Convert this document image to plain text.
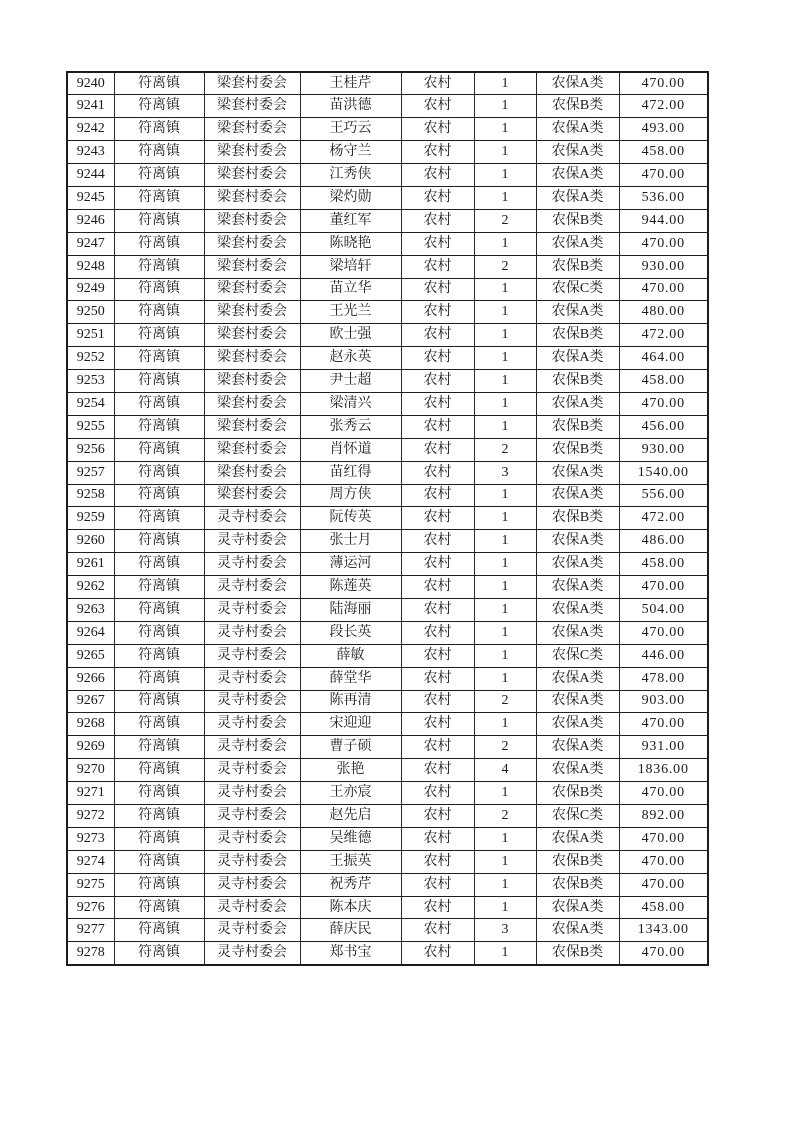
9240	符离镇	梁套村委会	王桂芹	农村	1	农保A类	470.00
9241	符离镇	梁套村委会	苗洪德	农村	1	农保B类	472.00
9242	符离镇	梁套村委会	王巧云	农村	1	农保A类	493.00
9243	符离镇	梁套村委会	杨守兰	农村	1	农保A类	458.00
9244	符离镇	梁套村委会	江秀侠	农村	1	农保A类	470.00
9245	符离镇	梁套村委会	梁灼勋	农村	1	农保A类	536.00
9246	符离镇	梁套村委会	董红军	农村	2	农保B类	944.00
9247	符离镇	梁套村委会	陈晓艳	农村	1	农保A类	470.00
9248	符离镇	梁套村委会	梁培轩	农村	2	农保B类	930.00
9249	符离镇	梁套村委会	苗立华	农村	1	农保C类	470.00
9250	符离镇	梁套村委会	王光兰	农村	1	农保A类	480.00
9251	符离镇	梁套村委会	欧士强	农村	1	农保B类	472.00
9252	符离镇	梁套村委会	赵永英	农村	1	农保A类	464.00
9253	符离镇	梁套村委会	尹士超	农村	1	农保B类	458.00
9254	符离镇	梁套村委会	梁清兴	农村	1	农保A类	470.00
9255	符离镇	梁套村委会	张秀云	农村	1	农保B类	456.00
9256	符离镇	梁套村委会	肖怀道	农村	2	农保B类	930.00
9257	符离镇	梁套村委会	苗红得	农村	3	农保A类	1540.00
9258	符离镇	梁套村委会	周方侠	农村	1	农保A类	556.00
9259	符离镇	灵寺村委会	阮传英	农村	1	农保B类	472.00
9260	符离镇	灵寺村委会	张士月	农村	1	农保A类	486.00
9261	符离镇	灵寺村委会	薄运河	农村	1	农保A类	458.00
9262	符离镇	灵寺村委会	陈莲英	农村	1	农保A类	470.00
9263	符离镇	灵寺村委会	陆海丽	农村	1	农保A类	504.00
9264	符离镇	灵寺村委会	段长英	农村	1	农保A类	470.00
9265	符离镇	灵寺村委会	薛敏	农村	1	农保C类	446.00
9266	符离镇	灵寺村委会	薛堂华	农村	1	农保A类	478.00
9267	符离镇	灵寺村委会	陈再清	农村	2	农保A类	903.00
9268	符离镇	灵寺村委会	宋迎迎	农村	1	农保A类	470.00
9269	符离镇	灵寺村委会	曹子硕	农村	2	农保A类	931.00
9270	符离镇	灵寺村委会	张艳	农村	4	农保A类	1836.00
9271	符离镇	灵寺村委会	王亦宸	农村	1	农保B类	470.00
9272	符离镇	灵寺村委会	赵先启	农村	2	农保C类	892.00
9273	符离镇	灵寺村委会	吴维德	农村	1	农保A类	470.00
9274	符离镇	灵寺村委会	王振英	农村	1	农保B类	470.00
9275	符离镇	灵寺村委会	祝秀芹	农村	1	农保B类	470.00
9276	符离镇	灵寺村委会	陈本庆	农村	1	农保A类	458.00
9277	符离镇	灵寺村委会	薛庆民	农村	3	农保A类	1343.00
9278	符离镇	灵寺村委会	郑书宝	农村	1	农保B类	470.00
